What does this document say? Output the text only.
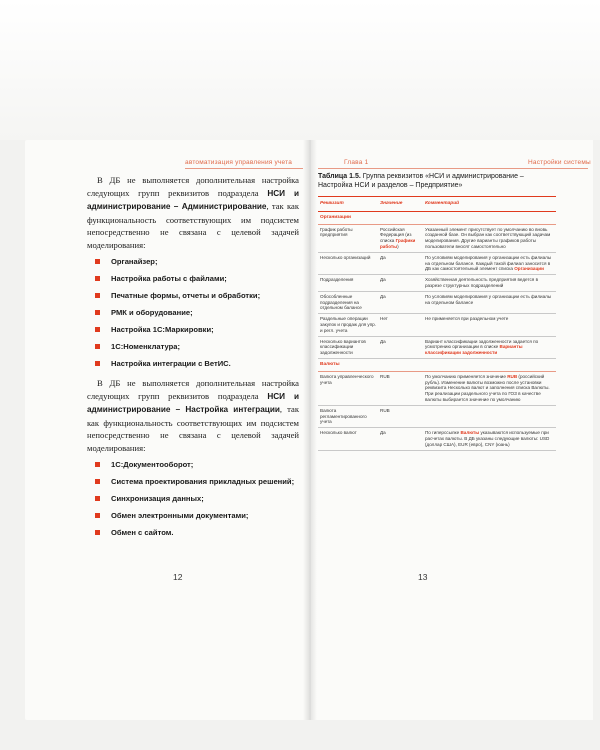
автоматизация управления учета

В ДБ не выполняется дополнительная настройка следующих групп реквизитов подраздела НСИ и администрирование – Администрирование, так как функциональность соответствующих им подсистем непосредственно не связана с целевой задачей моделирования:

Органайзер;
Настройка работы с файлами;
Печатные формы, отчеты и обработки;
РМК и оборудование;
Настройка 1С:Маркировки;
1С:Номенклатура;
Настройка интеграции с ВетИС.

В ДБ не выполняется дополнительная настройка следующих групп реквизитов подраздела НСИ и администрирование – Настройка интеграции, так как функциональность соответствующих им подсистем непосредственно не связана с целевой задачей моделирования:

1С:Документооборот;
Система проектирования прикладных решений;
Синхронизация данных;
Обмен электронными документами;
Обмен с сайтом.
12
Глава 1	Настройки системы
Таблица 1.5. Группа реквизитов «НСИ и администрирование – Настройка НСИ и разделов – Предприятие»
Реквизит	Значение	Комментарий
Организации		
График работы предприятия	Российская Федерация (из списка Графики работы)	Указанный элемент присутствует по умолчанию во вновь созданной базе. Он выбран как соответствующий задачам моделирования. Другие варианты графиков работы пользователи вносят самостоятельно
Несколько организаций	Да	По условиям моделирования у организации есть филиалы на отдельном балансе. Каждый такой филиал заносится в ДБ как самостоятельный элемент списка Организации
Подразделения	Да	Хозяйственная деятельность предприятия ведется в разрезе структурных подразделений
Обособленные подразделения на отдельном балансе	Да	По условиям моделирования у организации есть филиалы на отдельном балансе
Раздельные операции закупок и продаж для упр. и регл. учета	Нет	Не применяется при раздельном учете
Несколько вариантов классификации задолженности	Да	Вариант классификации задолженности задается по усмотрению организации в списке Варианты классификации задолженности
Валюты		
Валюта управленческого учета	RUB	По умолчанию применяется значение RUB (российский рубль). Изменение валюты возможно после установки реквизита Несколько валют и заполнения списка Валюты. При реализации раздельного учета по ГОЗ в качестве валюты выбирается значение по умолчанию
Валюта регламентированного учета	RUB	
Несколько валют	Да	По гиперссылке Валюты указываются используемые при расчетах валюты. В ДБ указаны следующие валюты: USD (доллар США), EUR (евро), CNY (юань)
13
